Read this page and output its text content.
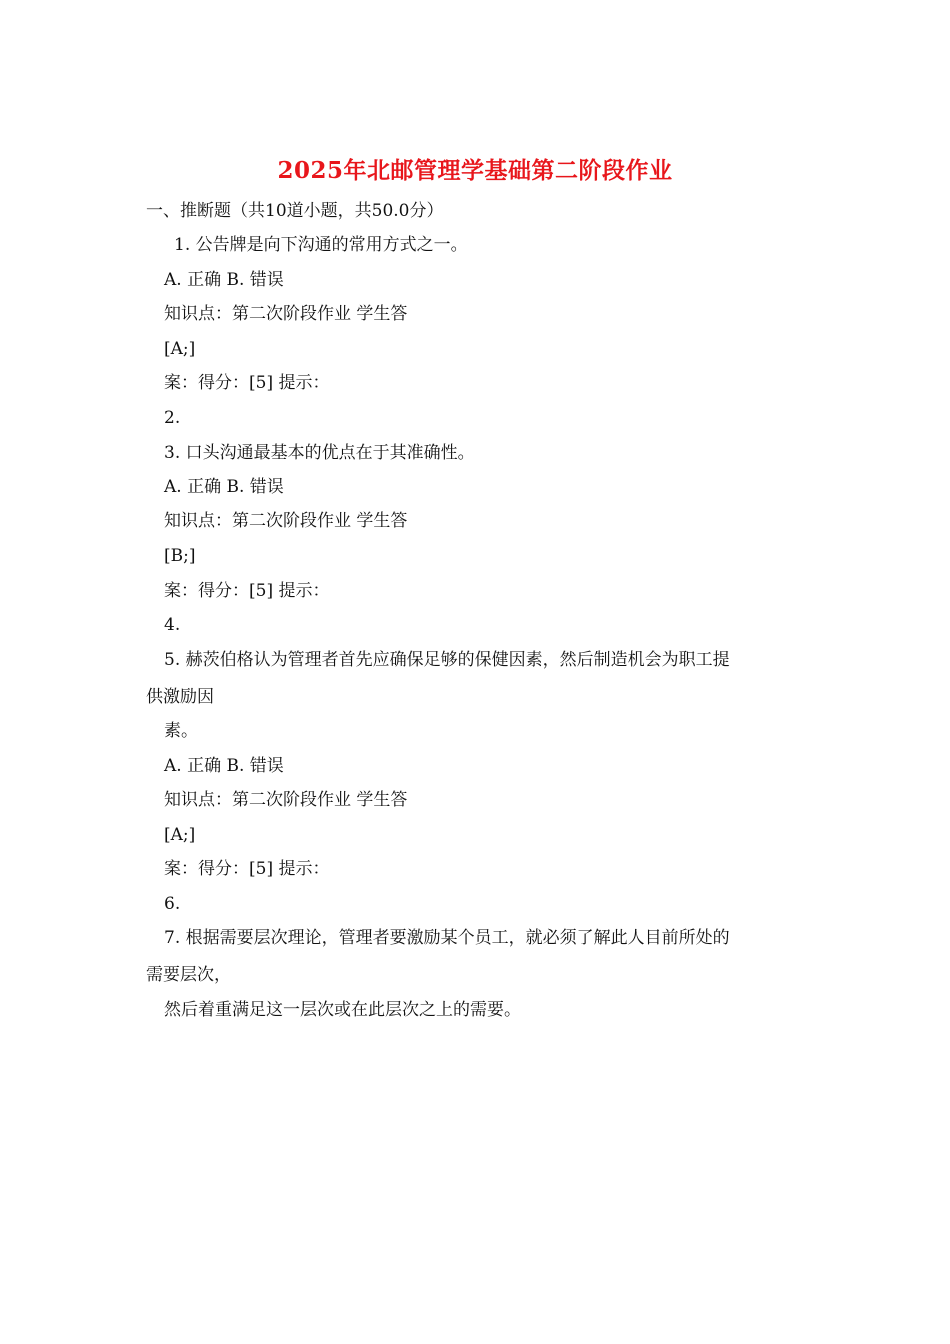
2025年北邮管理学基础第二阶段作业
一、推断题（共10道小题，共50.0分）
1. 公告牌是向下沟通的常用方式之一。
A. 正确 B. 错误
知识点：第二次阶段作业 学生答
[A;]
案：得分：[5] 提示：
2.
3. 口头沟通最基本的优点在于其准确性。
A. 正确 B. 错误
知识点：第二次阶段作业 学生答
[B;]
案：得分：[5] 提示：
4.
5. 赫茨伯格认为管理者首先应确保足够的保健因素，然后制造机会为职工提
供激励因
素。
A. 正确 B. 错误
知识点：第二次阶段作业 学生答
[A;]
案：得分：[5] 提示：
6.
7. 根据需要层次理论，管理者要激励某个员工，就必须了解此人目前所处的
需要层次，
然后着重满足这一层次或在此层次之上的需要。
